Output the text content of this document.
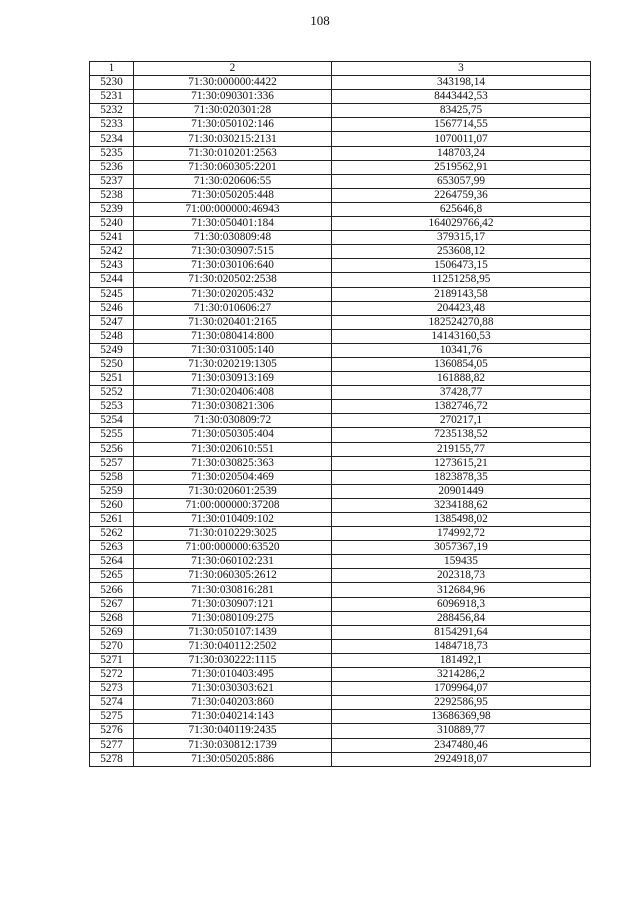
108
1	2	3
5230	71:30:000000:4422	343198,14
5231	71:30:090301:336	8443442,53
5232	71:30:020301:28	83425,75
5233	71:30:050102:146	1567714,55
5234	71:30:030215:2131	1070011,07
5235	71:30:010201:2563	148703,24
5236	71:30:060305:2201	2519562,91
5237	71:30:020606:55	653057,99
5238	71:30:050205:448	2264759,36
5239	71:00:000000:46943	625646,8
5240	71:30:050401:184	164029766,42
5241	71:30:030809:48	379315,17
5242	71:30:030907:515	253608,12
5243	71:30:030106:640	1506473,15
5244	71:30:020502:2538	11251258,95
5245	71:30:020205:432	2189143,58
5246	71:30:010606:27	204423,48
5247	71:30:020401:2165	182524270,88
5248	71:30:080414:800	14143160,53
5249	71:30:031005:140	10341,76
5250	71:30:020219:1305	1360854,05
5251	71:30:030913:169	161888,82
5252	71:30:020406:408	37428,77
5253	71:30:030821:306	1382746,72
5254	71:30:030809:72	270217,1
5255	71:30:050305:404	7235138,52
5256	71:30:020610:551	219155,77
5257	71:30:030825:363	1273615,21
5258	71:30:020504:469	1823878,35
5259	71:30:020601:2539	20901449
5260	71:00:000000:37208	3234188,62
5261	71:30:010409:102	1385498,02
5262	71:30:010229:3025	174992,72
5263	71:00:000000:63520	3057367,19
5264	71:30:060102:231	159435
5265	71:30:060305:2612	202318,73
5266	71:30:030816:281	312684,96
5267	71:30:030907:121	6096918,3
5268	71:30:080109:275	288456,84
5269	71:30:050107:1439	8154291,64
5270	71:30:040112:2502	1484718,73
5271	71:30:030222:1115	181492,1
5272	71:30:010403:495	3214286,2
5273	71:30:030303:621	1709964,07
5274	71:30:040203:860	2292586,95
5275	71:30:040214:143	13686369,98
5276	71:30:040119:2435	310889,77
5277	71:30:030812:1739	2347480,46
5278	71:30:050205:886	2924918,07
